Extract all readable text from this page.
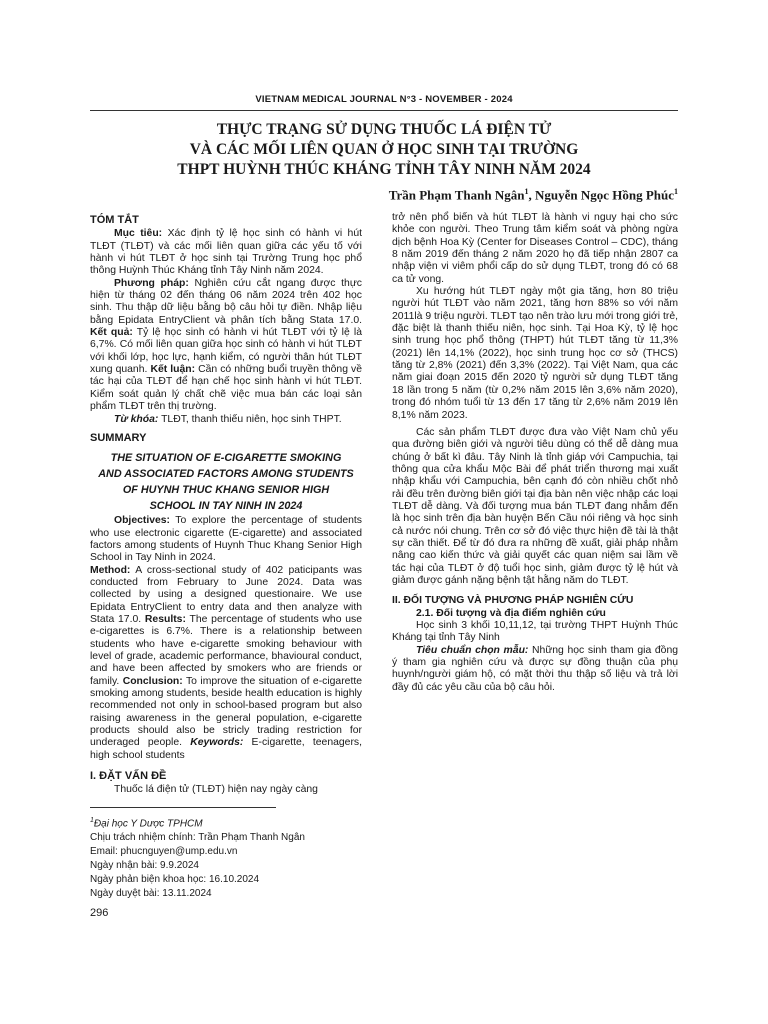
VIETNAM MEDICAL JOURNAL N°3 - NOVEMBER - 2024
THỰC TRẠNG SỬ DỤNG THUỐC LÁ ĐIỆN TỬ
VÀ CÁC MỐI LIÊN QUAN Ở HỌC SINH TẠI TRƯỜNG
THPT HUỲNH THÚC KHÁNG TỈNH TÂY NINH NĂM 2024
Trần Phạm Thanh Ngân$^1$, Nguyễn Ngọc Hồng Phúc$^1$
TÓM TẮT

Mục tiêu: Xác định tỷ lệ học sinh có hành vi hút TLĐT (TLĐT) và các mối liên quan giữa các yếu tố với hành vi hút TLĐT ở học sinh tại Trường Trung học phổ thông Huỳnh Thúc Kháng tỉnh Tây Ninh năm 2024.

Phương pháp: Nghiên cứu cắt ngang được thực hiện từ tháng 02 đến tháng 06 năm 2024 trên 402 học sinh. Thu thập dữ liệu bằng bộ câu hỏi tự điền. Nhập liệu bằng Epidata EntryClient và phân tích bằng Stata 17.0. Kết quả: Tỷ lệ học sinh có hành vi hút TLĐT với tỷ lệ là 6,7%. Có mối liên quan giữa học sinh có hành vi hút TLĐT với khối lớp, học lực, hạnh kiểm, có người thân hút TLĐT xung quanh. Kết luận: Cần có những buổi truyền thông về tác hại của TLĐT để hạn chế học sinh hành vi hút TLĐT. Kiểm soát quản lý chất chẽ việc mua bán các loại sản phẩm TLĐT trên thị trường.

Từ khóa: TLĐT, thanh thiếu niên, học sinh THPT.

SUMMARY
THE SITUATION OF E-CIGARETTE SMOKING
AND ASSOCIATED FACTORS AMONG STUDENTS
OF HUYNH THUC KHANG SENIOR HIGH
SCHOOL IN TAY NINH IN 2024

Objectives: To explore the percentage of students who use electronic cigarette (E-cigarette) and associated factors among students of Huynh Thuc Khang Senior High School in Tay Ninh in 2024.
Method: A cross-sectional study of 402 paticipants was conducted from February to June 2024. Data was collected by using a designed questionaire. We use Epidata EntryClient to entry data and then analyze with Stata 17.0. Results: The percentage of students who use e-cigarettes is 6.7%. There is a relationship between students who have e-cigarette smoking behaviour with level of grade, academic performance, bhavioural conduct, and have been affected by smokers who are friends or family. Conclusion: To improve the situation of e-cigarette smoking among students, beside health education is highly recommended not only in school-based program but also raising awareness in the general population, e-cigarette products should also be stricly trading restriction for underaged people. Keywords: E-cigarette, teenagers, high school students

I. ĐẶT VẤN ĐỀ

Thuốc lá điện tử (TLĐT) hiện nay ngày càng

$^1$Đại học Y Dược TPHCM
Chịu trách nhiệm chính: Trần Phạm Thanh Ngân
Email: phucnguyen@ump.edu.vn
Ngày nhận bài: 9.9.2024
Ngày phản biện khoa học: 16.10.2024
Ngày duyệt bài: 13.11.2024

trở nên phổ biến và hút TLĐT là hành vi nguy hại cho sức khỏe con người. Theo Trung tâm kiểm soát và phòng ngừa dịch bệnh Hoa Kỳ (Center for Diseases Control – CDC), tháng 8 năm 2019 đến tháng 2 năm 2020 họ đã tiếp nhận 2807 ca nhập viện vi viêm phổi cấp do sử dụng TLĐT, trong đó có 68 ca tử vong.

Xu hướng hút TLĐT ngày một gia tăng, hơn 80 triệu người hút TLĐT vào năm 2021, tăng hơn 88% so với năm 2011là 9 triệu người. TLĐT tạo nên trào lưu mới trong giới trẻ, đặc biệt là thanh thiếu niên, học sinh. Tại Hoa Kỳ, tỷ lệ học sinh trung học phổ thông (THPT) hút TLĐT tăng từ 11,3% (2021) lên 14,1% (2022), học sinh trung học cơ sở (THCS) tăng từ 2,8% (2021) đến 3,3% (2022). Tại Việt Nam, qua các năm giai đoạn 2015 đến 2020 tỷ người sử dụng TLĐT tăng 18 lần trong 5 năm (từ 0,2% năm 2015 lên 3,6% năm 2020), trong đó nhóm tuổi từ 13 đến 17 tăng từ 2,6% năm 2019 lên 8,1% năm 2023.

Các sản phẩm TLĐT được đưa vào Việt Nam chủ yếu qua đường biên giới và người tiêu dùng có thể dễ dàng mua chúng ở bất kì đâu. Tây Ninh là tỉnh giáp với Campuchia, tại thông qua cửa khẩu Mộc Bài để phát triển thương mại xuất nhập khẩu với Campuchia, bên cạnh đó còn nhiều chốt nhỏ rải đều trên đường biên giới tại địa bàn nên việc nhập các loại TLĐT dễ dàng. Và đối tượng mua bán TLĐT đang nhắm đến là học sinh trên địa bàn huyện Bến Cầu nói riêng và học sinh cả nước nói chung. Trên cơ sở đó việc thực hiện đề tài là thật sự cần thiết. Để từ đó đưa ra những đề xuất, giải pháp nhằm nâng cao kiến thức và giải quyết các quan niệm sai lầm về tác hại của TLĐT ở độ tuổi học sinh, giảm được tỷ lệ hút và giảm được gánh nặng bệnh tật hằng năm do TLĐT.

II. ĐỐI TƯỢNG VÀ PHƯƠNG PHÁP NGHIÊN CỨU
2.1. Đối tượng và địa điểm nghiên cứu

Học sinh 3 khối 10,11,12, tại trường THPT Huỳnh Thúc Kháng tại tỉnh Tây Ninh

Tiêu chuẩn chọn mẫu: Những học sinh tham gia đồng ý tham gia nghiên cứu và được sự đồng thuận của phụ huynh/người giám hộ, có mặt thời thu thập số liệu và trả lời đầy đủ các yêu cầu của bộ câu hỏi.

296
